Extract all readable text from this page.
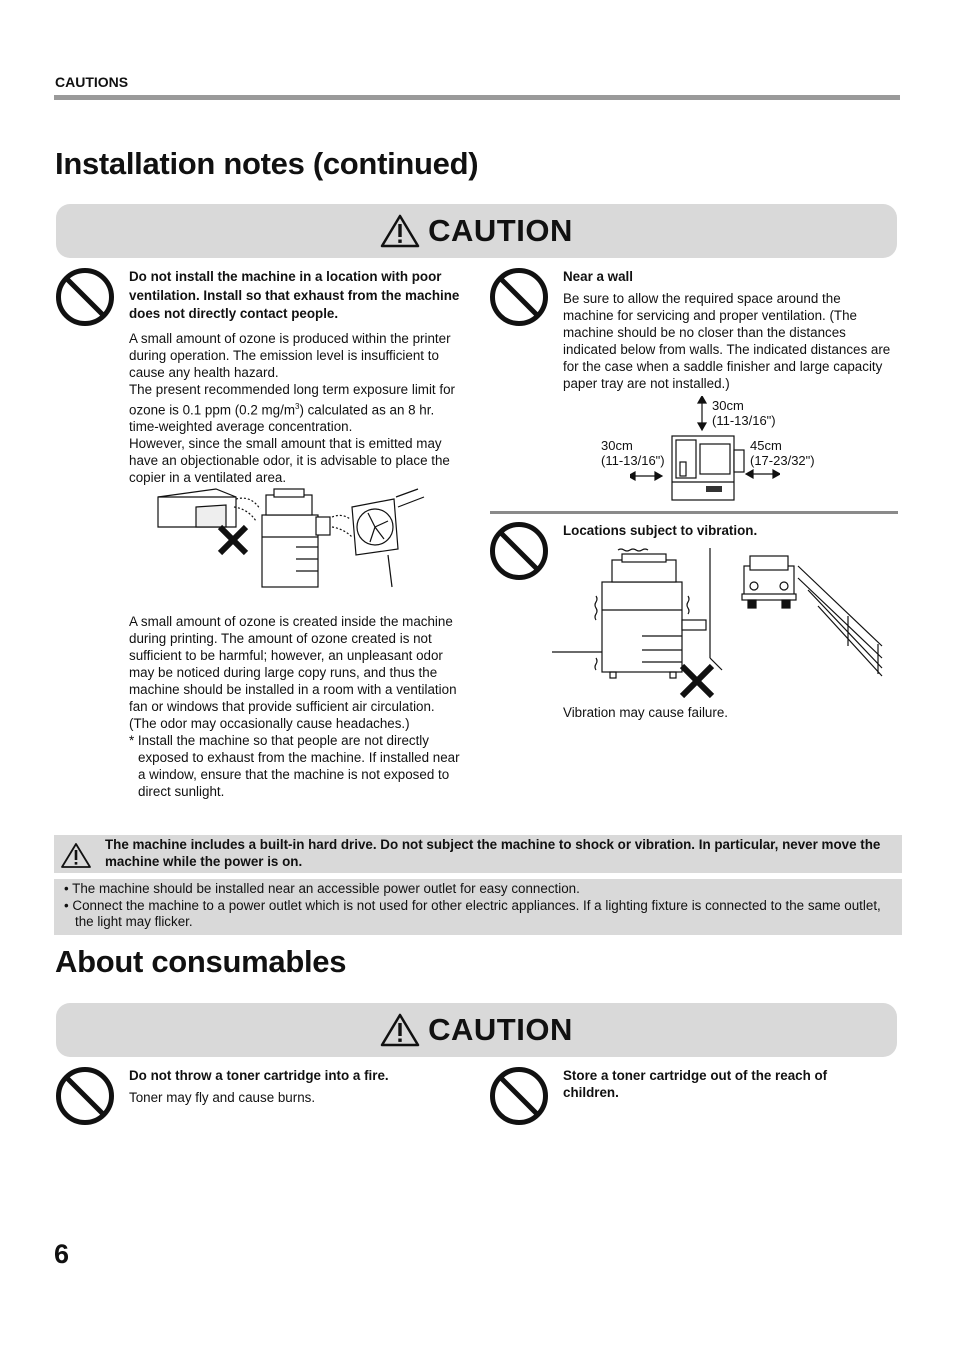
CAUTIONS
Installation notes (continued)
CAUTION

Do not install the machine in a location with poor ventilation. Install so that exhaust from the machine does not directly contact people.

A small amount of ozone is produced within the printer during operation. The emission level is insufficient to cause any health hazard.

The present recommended long term exposure limit for ozone is 0.1 ppm (0.2 $mg/m^3$) calculated as an 8 hr. time-weighted average concentration.

However, since the small amount that is emitted may have an objectionable odor, it is advisable to place the copier in a ventilated area.

A small amount of ozone is created inside the machine during printing. The amount of ozone created is not sufficient to be harmful; however, an unpleasant odor may be noticed during large copy runs, and thus the machine should be installed in a room with a ventilation fan or windows that provide sufficient air circulation. (The odor may occasionally cause headaches.)

* Install the machine so that people are not directly exposed to exhaust from the machine. If installed near a window, ensure that the machine is not exposed to direct sunlight.

Near a wall

Be sure to allow the required space around the machine for servicing and proper ventilation. (The machine should be no closer than the distances indicated below from walls. The indicated distances are for the case when a saddle finisher and large capacity paper tray are not installed.)

30cm
(11-13/16")
30cm
(11-13/16")
45cm
(17-23/32")

Locations subject to vibration.

Vibration may cause failure.

The machine includes a built-in hard drive. Do not subject the machine to shock or vibration. In particular, never move the machine while the power is on.
• The machine should be installed near an accessible power outlet for easy connection.
• Connect the machine to a power outlet which is not used for other electric appliances. If a lighting fixture is connected to the same outlet, the light may flicker.
About consumables
CAUTION

Do not throw a toner cartridge into a fire.

Toner may fly and cause burns.

Store a toner cartridge out of the reach of children.

6
